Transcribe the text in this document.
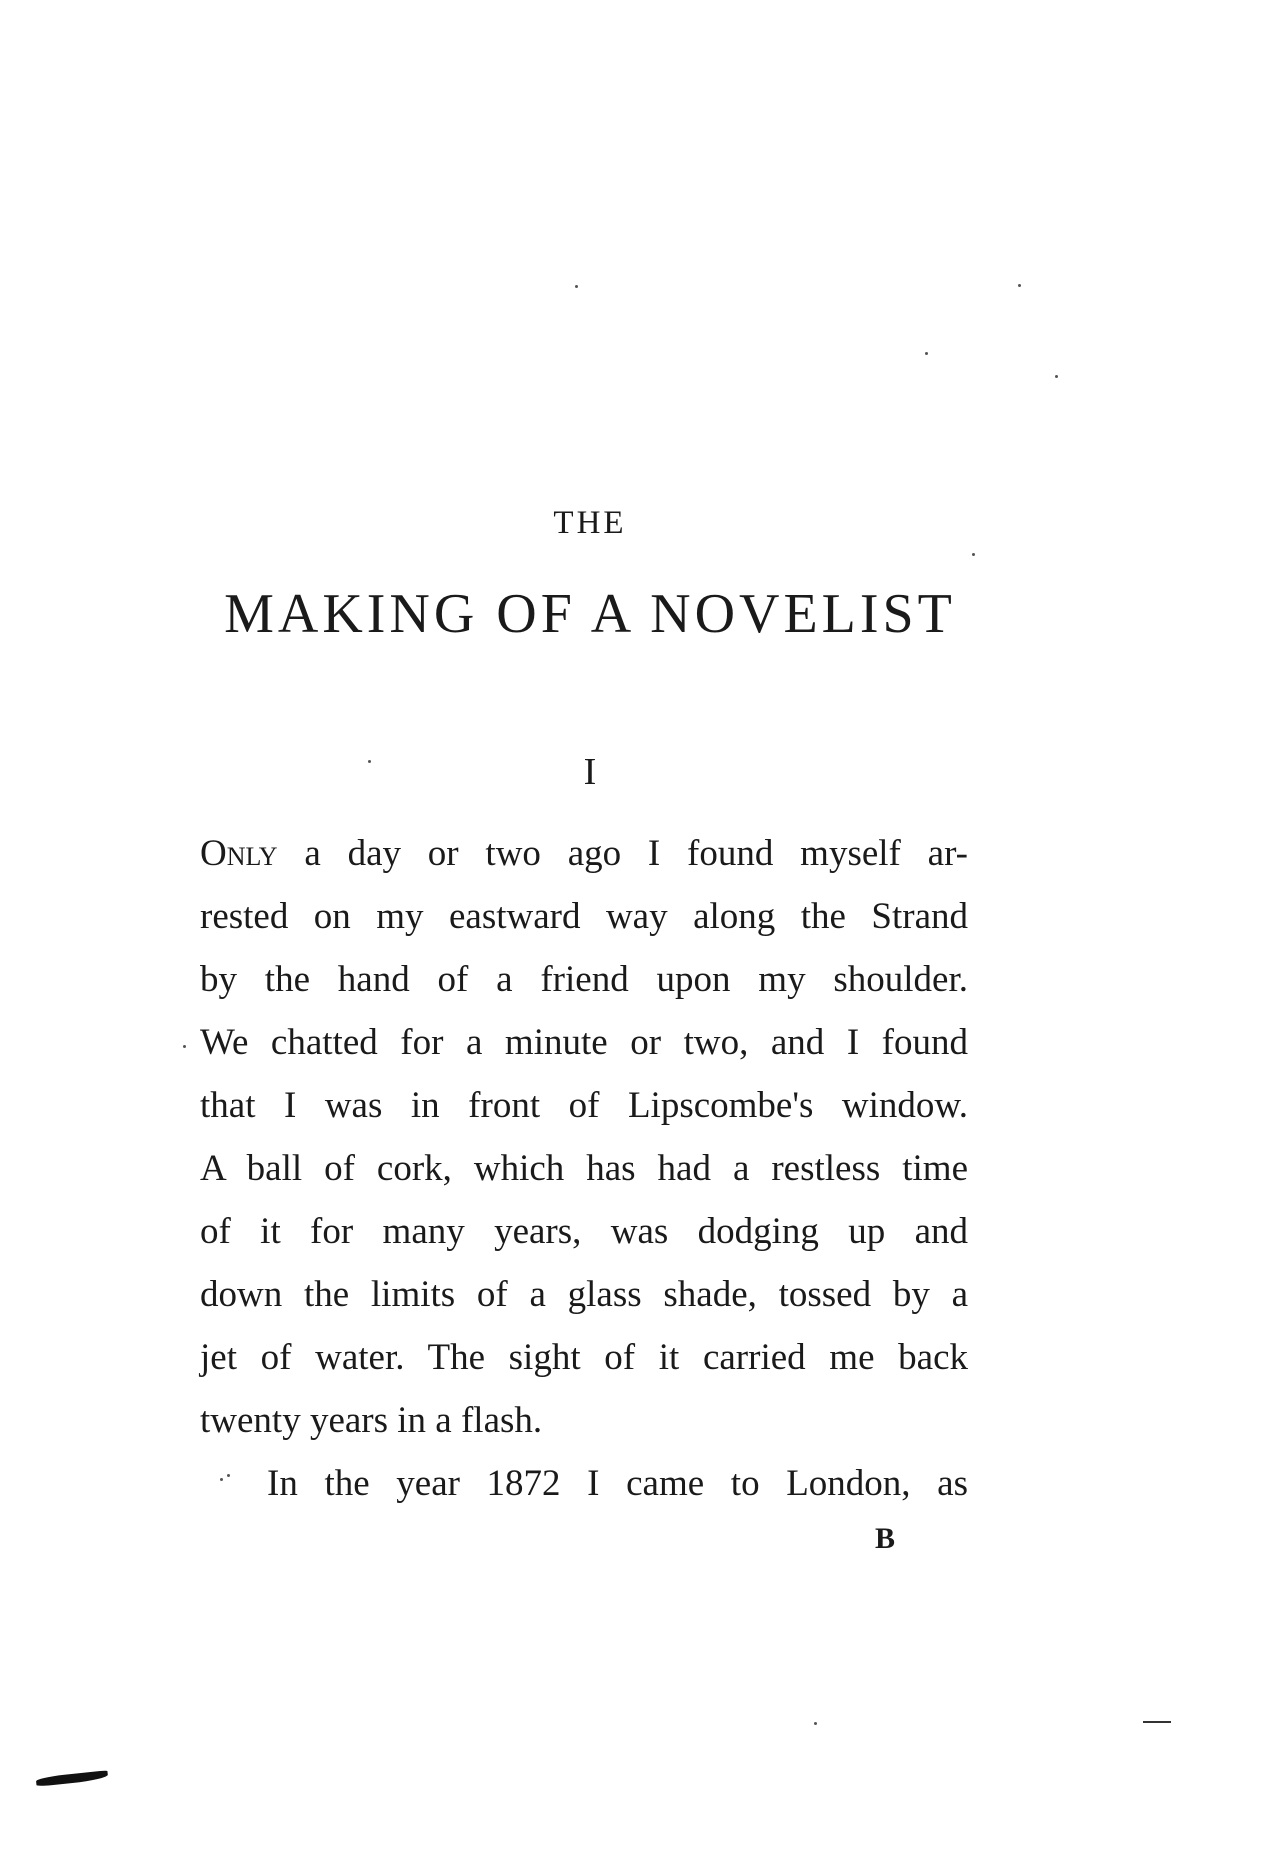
THE
MAKING OF A NOVELIST
I
Only a day or two ago I found myself ar-
rested on my eastward way along the Strand
by the hand of a friend upon my shoulder.
We chatted for a minute or two, and I found
that I was in front of Lipscombe's window.
A ball of cork, which has had a restless time
of it for many years, was dodging up and
down the limits of a glass shade, tossed by a
jet of water. The sight of it carried me back
twenty years in a flash.
In the year 1872 I came to London, as
B
